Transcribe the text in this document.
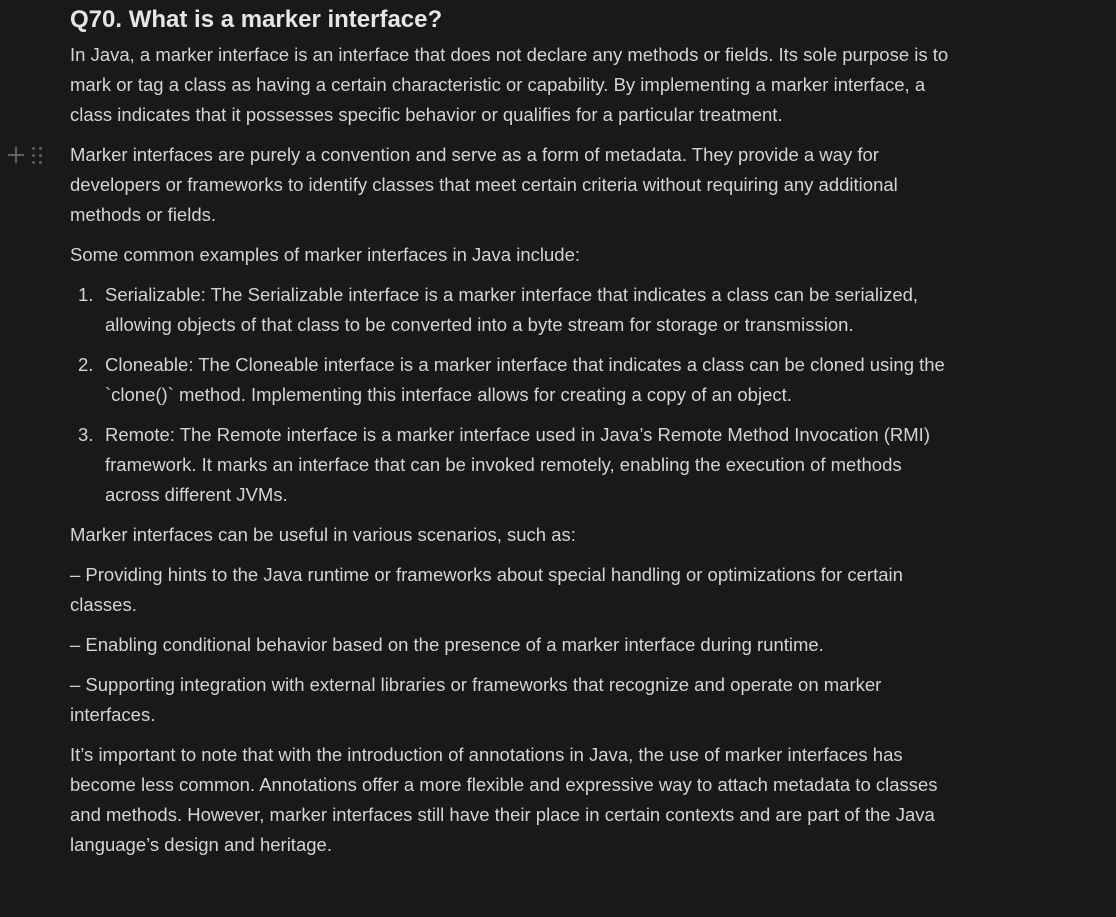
Q70. What is a marker interface?

In Java, a marker interface is an interface that does not declare any methods or fields. Its sole purpose is to mark or tag a class as having a certain characteristic or capability. By implementing a marker interface, a class indicates that it possesses specific behavior or qualifies for a particular treatment.

Marker interfaces are purely a convention and serve as a form of metadata. They provide a way for developers or frameworks to identify classes that meet certain criteria without requiring any additional methods or fields.

Some common examples of marker interfaces in Java include:

1. Serializable: The Serializable interface is a marker interface that indicates a class can be serialized, allowing objects of that class to be converted into a byte stream for storage or transmission.
2. Cloneable: The Cloneable interface is a marker interface that indicates a class can be cloned using the `clone()` method. Implementing this interface allows for creating a copy of an object.
3. Remote: The Remote interface is a marker interface used in Java’s Remote Method Invocation (RMI) framework. It marks an interface that can be invoked remotely, enabling the execution of methods across different JVMs.

Marker interfaces can be useful in various scenarios, such as:

– Providing hints to the Java runtime or frameworks about special handling or optimizations for certain classes.

– Enabling conditional behavior based on the presence of a marker interface during runtime.

– Supporting integration with external libraries or frameworks that recognize and operate on marker interfaces.

It’s important to note that with the introduction of annotations in Java, the use of marker interfaces has become less common. Annotations offer a more flexible and expressive way to attach metadata to classes and methods. However, marker interfaces still have their place in certain contexts and are part of the Java language’s design and heritage.
